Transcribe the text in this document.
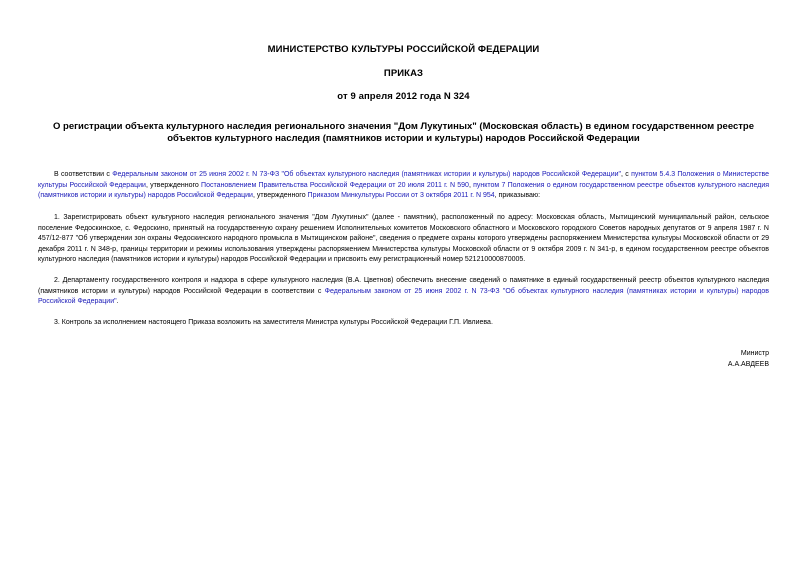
МИНИСТЕРСТВО КУЛЬТУРЫ РОССИЙСКОЙ ФЕДЕРАЦИИ
ПРИКАЗ
от 9 апреля 2012 года N 324
О регистрации объекта культурного наследия регионального значения "Дом Лукутиных" (Московская область) в едином государственном реестре объектов культурного наследия (памятников истории и культуры) народов Российской Федерации
В соответствии с Федеральным законом от 25 июня 2002 г. N 73-ФЗ "Об объектах культурного наследия (памятниках истории и культуры) народов Российской Федерации", с пунктом 5.4.3 Положения о Министерстве культуры Российской Федерации, утвержденного Постановлением Правительства Российской Федерации от 20 июля 2011 г. N 590, пунктом 7 Положения о едином государственном реестре объектов культурного наследия (памятников истории и культуры) народов Российской Федерации, утвержденного Приказом Минкультуры России от 3 октября 2011 г. N 954, приказываю:
1. Зарегистрировать объект культурного наследия регионального значения "Дом Лукутиных" (далее - памятник), расположенный по адресу: Московская область, Мытищинский муниципальный район, сельское поселение Федоскинское, с. Федоскино, принятый на государственную охрану решением Исполнительных комитетов Московского областного и Московского городского Советов народных депутатов от 9 апреля 1987 г. N 457/12-877 "Об утверждении зон охраны Федоскинского народного промысла в Мытищинском районе", сведения о предмете охраны которого утверждены распоряжением Министерства культуры Московской области от 29 декабря 2011 г. N 348-р, границы территории и режимы использования утверждены распоряжением Министерства культуры Московской области от 9 октября 2009 г. N 341-р, в едином государственном реестре объектов культурного наследия (памятников истории и культуры) народов Российской Федерации и присвоить ему регистрационный номер 521210000870005.
2. Департаменту государственного контроля и надзора в сфере культурного наследия (В.А. Цветнов) обеспечить внесение сведений о памятнике в единый государственный реестр объектов культурного наследия (памятников истории и культуры) народов Российской Федерации в соответствии с Федеральным законом от 25 июня 2002 г. N 73-ФЗ "Об объектах культурного наследия (памятниках истории и культуры) народов Российской Федерации".
3. Контроль за исполнением настоящего Приказа возложить на заместителя Министра культуры Российской Федерации Г.П. Ивлиева.
Министр
А.А.АВДЕЕВ
